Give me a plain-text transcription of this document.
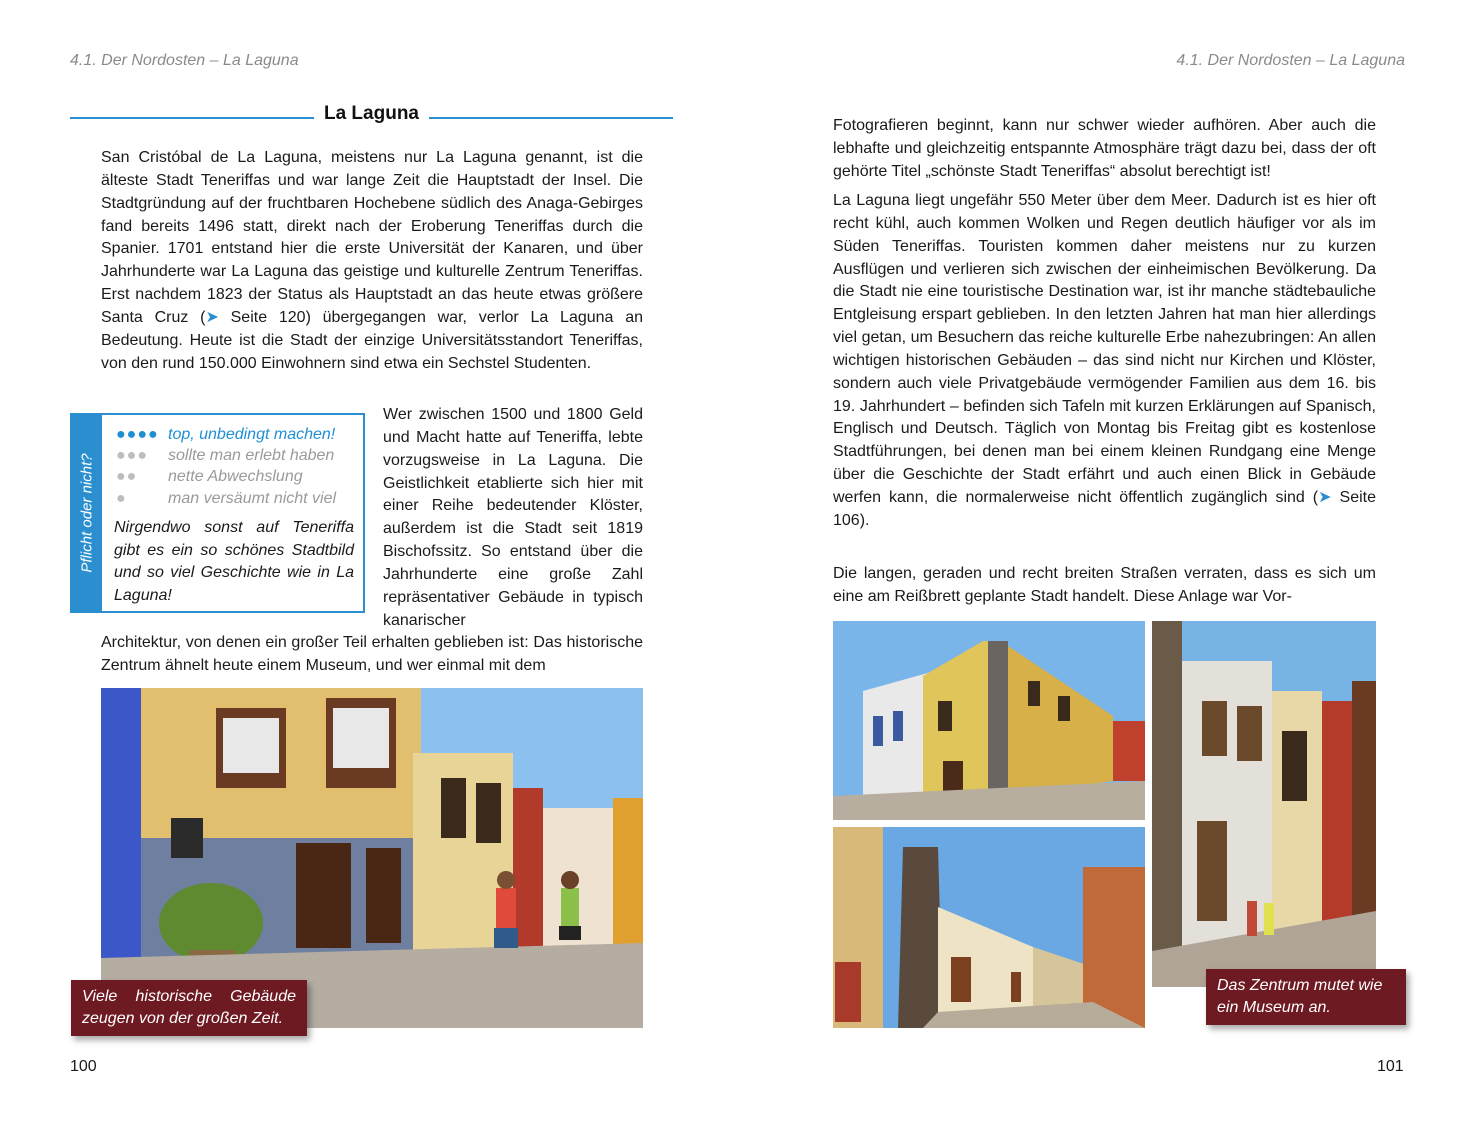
4.1. Der Nordosten – La Laguna
La Laguna

San Cristóbal de La Laguna, meistens nur La Laguna genannt, ist die älteste Stadt Teneriffas und war lange Zeit die Hauptstadt der Insel. Die Stadtgründung auf der fruchtbaren Hochebene südlich des Anaga-Gebirges fand bereits 1496 statt, direkt nach der Eroberung Teneriffas durch die Spanier. 1701 entstand hier die erste Universität der Kanaren, und über Jahrhunderte war La Laguna das geistige und kulturelle Zentrum Teneriffas. Erst nachdem 1823 der Status als Hauptstadt an das heute etwas größere Santa Cruz (➤ Seite 120) übergegangen war, verlor La Laguna an Bedeutung. Heute ist die Stadt der einzige Universitätsstandort Teneriffas, von den rund 150.000 Einwohnern sind etwa ein Sechstel Studenten.

Pflicht oder nicht?
●●●● top, unbedingt machen!
●●●	sollte man erlebt haben
●●	nette Abwechslung
●	man versäumt nicht viel
Nirgendwo sonst auf Teneriffa gibt es ein so schönes Stadtbild und so viel Geschichte wie in La Laguna!

Wer zwischen 1500 und 1800 Geld und Macht hatte auf Teneriffa, lebte vorzugsweise in La Laguna. Die Geistlichkeit etablierte sich hier mit einer Reihe bedeutender Klöster, außerdem ist die Stadt seit 1819 Bischofssitz. So entstand über die Jahrhunderte eine große Zahl repräsentativer Gebäude in typisch kanarischer

Architektur, von denen ein großer Teil erhalten geblieben ist: Das historische Zentrum ähnelt heute einem Museum, und wer einmal mit dem

Viele historische Gebäude zeugen von der großen Zeit.
100
4.1. Der Nordosten – La Laguna

Fotografieren beginnt, kann nur schwer wieder aufhören. Aber auch die lebhafte und gleichzeitig entspannte Atmosphäre trägt dazu bei, dass der oft gehörte Titel „schönste Stadt Teneriffas“ absolut berechtigt ist!

La Laguna liegt ungefähr 550 Meter über dem Meer. Dadurch ist es hier oft recht kühl, auch kommen Wolken und Regen deutlich häufiger vor als im Süden Teneriffas. Touristen kommen daher meistens nur zu kurzen Ausflügen und verlieren sich zwischen der einheimischen Bevölkerung. Da die Stadt nie eine touristische Destination war, ist ihr manche städtebauliche Entgleisung erspart geblieben. In den letzten Jahren hat man hier allerdings viel getan, um Besuchern das reiche kulturelle Erbe nahezubringen: An allen wichtigen historischen Gebäuden – das sind nicht nur Kirchen und Klöster, sondern auch viele Privatgebäude vermögender Familien aus dem 16. bis 19. Jahrhundert – befinden sich Tafeln mit kurzen Erklärungen auf Spanisch, Englisch und Deutsch. Täglich von Montag bis Freitag gibt es kostenlose Stadtführungen, bei denen man bei einem kleinen Rundgang eine Menge über die Geschichte der Stadt erfährt und auch einen Blick in Gebäude werfen kann, die normalerweise nicht öffentlich zugänglich sind (➤ Seite 106).

Die langen, geraden und recht breiten Straßen verraten, dass es sich um eine am Reißbrett geplante Stadt handelt. Diese Anlage war Vor-

Das Zentrum mutet wie ein Museum an.
101
